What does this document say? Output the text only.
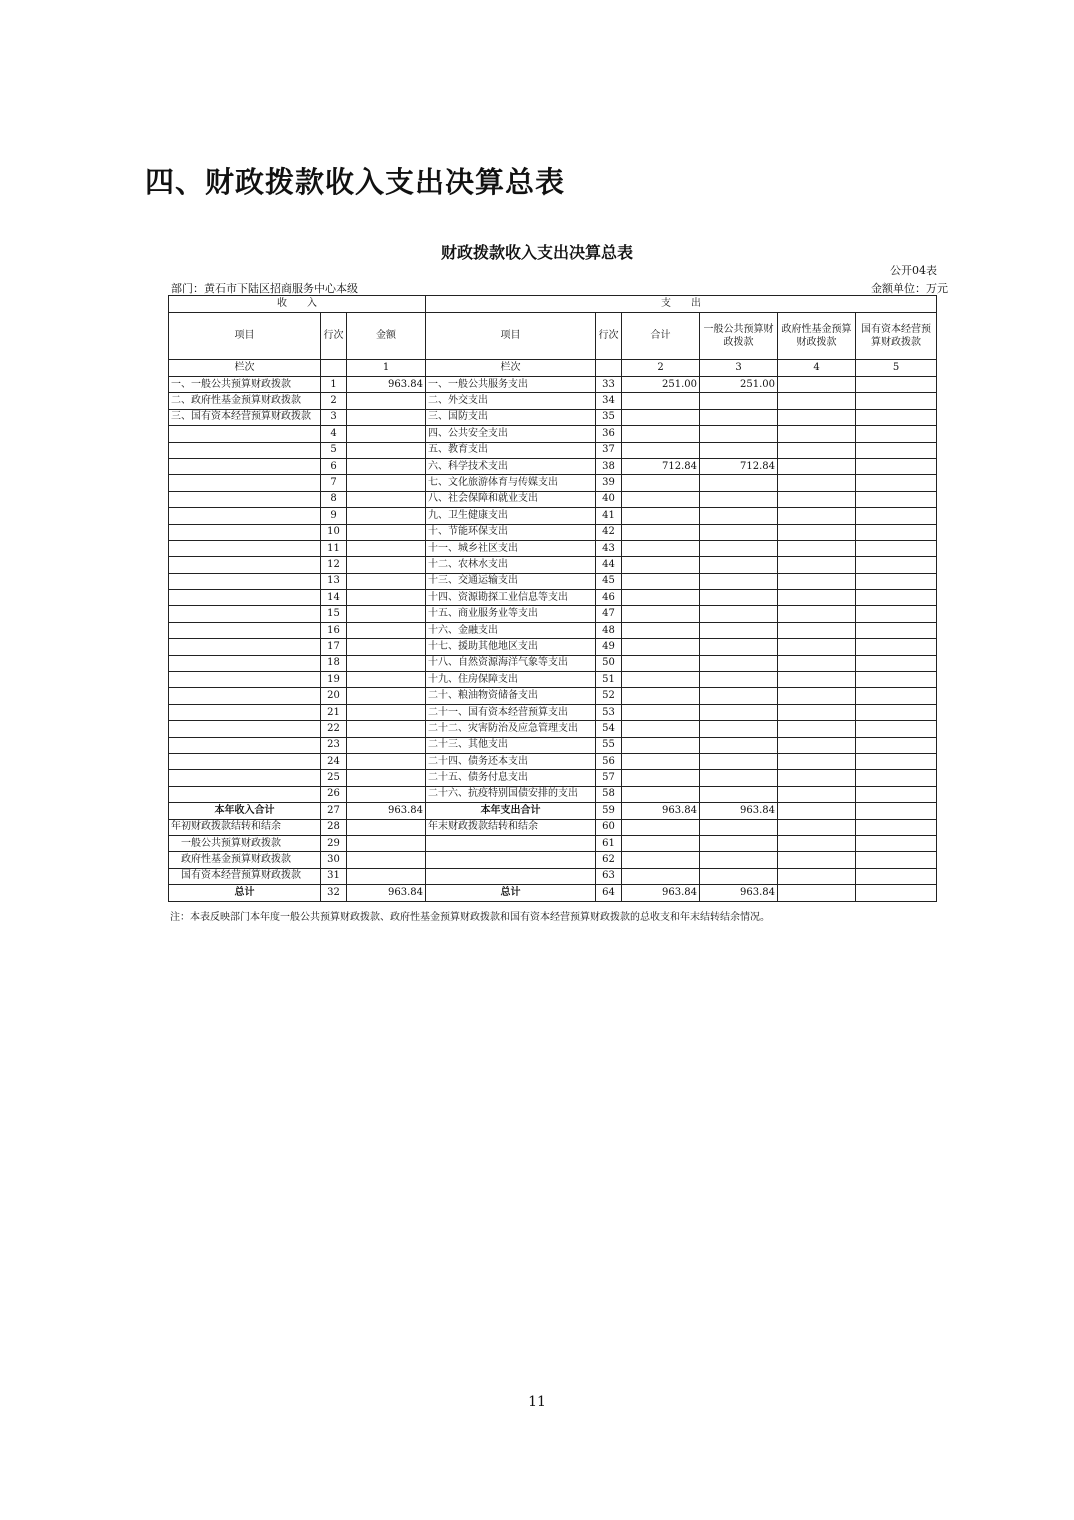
四、财政拨款收入支出决算总表
财政拨款收入支出决算总表
公开04表
部门：黄石市下陆区招商服务中心本级	金额单位：万元
收　　入			支　　出					
项目	行次	金额	项目	行次	合计	一般公共预算财政拨款	政府性基金预算财政拨款	国有资本经营预算财政拨款
栏次		1	栏次		2	3	4	5
一、一般公共预算财政拨款	1	963.84	一、一般公共服务支出	33	251.00	251.00		
二、政府性基金预算财政拨款	2		二、外交支出	34				
三、国有资本经营预算财政拨款	3		三、国防支出	35				
	4		四、公共安全支出	36				
	5		五、教育支出	37				
	6		六、科学技术支出	38	712.84	712.84		
	7		七、文化旅游体育与传媒支出	39				
	8		八、社会保障和就业支出	40				
	9		九、卫生健康支出	41				
	10		十、节能环保支出	42				
	11		十一、城乡社区支出	43				
	12		十二、农林水支出	44				
	13		十三、交通运输支出	45				
	14		十四、资源勘探工业信息等支出	46				
	15		十五、商业服务业等支出	47				
	16		十六、金融支出	48				
	17		十七、援助其他地区支出	49				
	18		十八、自然资源海洋气象等支出	50				
	19		十九、住房保障支出	51				
	20		二十、粮油物资储备支出	52				
	21		二十一、国有资本经营预算支出	53				
	22		二十二、灾害防治及应急管理支出	54				
	23		二十三、其他支出	55				
	24		二十四、债务还本支出	56				
	25		二十五、债务付息支出	57				
	26		二十六、抗疫特别国债安排的支出	58				
本年收入合计	27	963.84	本年支出合计	59	963.84	963.84		
年初财政拨款结转和结余	28		年末财政拨款结转和结余	60				
一般公共预算财政拨款	29			61				
政府性基金预算财政拨款	30			62				
国有资本经营预算财政拨款	31			63				
总计	32	963.84	总计	64	963.84	963.84		
注：本表反映部门本年度一般公共预算财政拨款、政府性基金预算财政拨款和国有资本经营预算财政拨款的总收支和年末结转结余情况。
11
